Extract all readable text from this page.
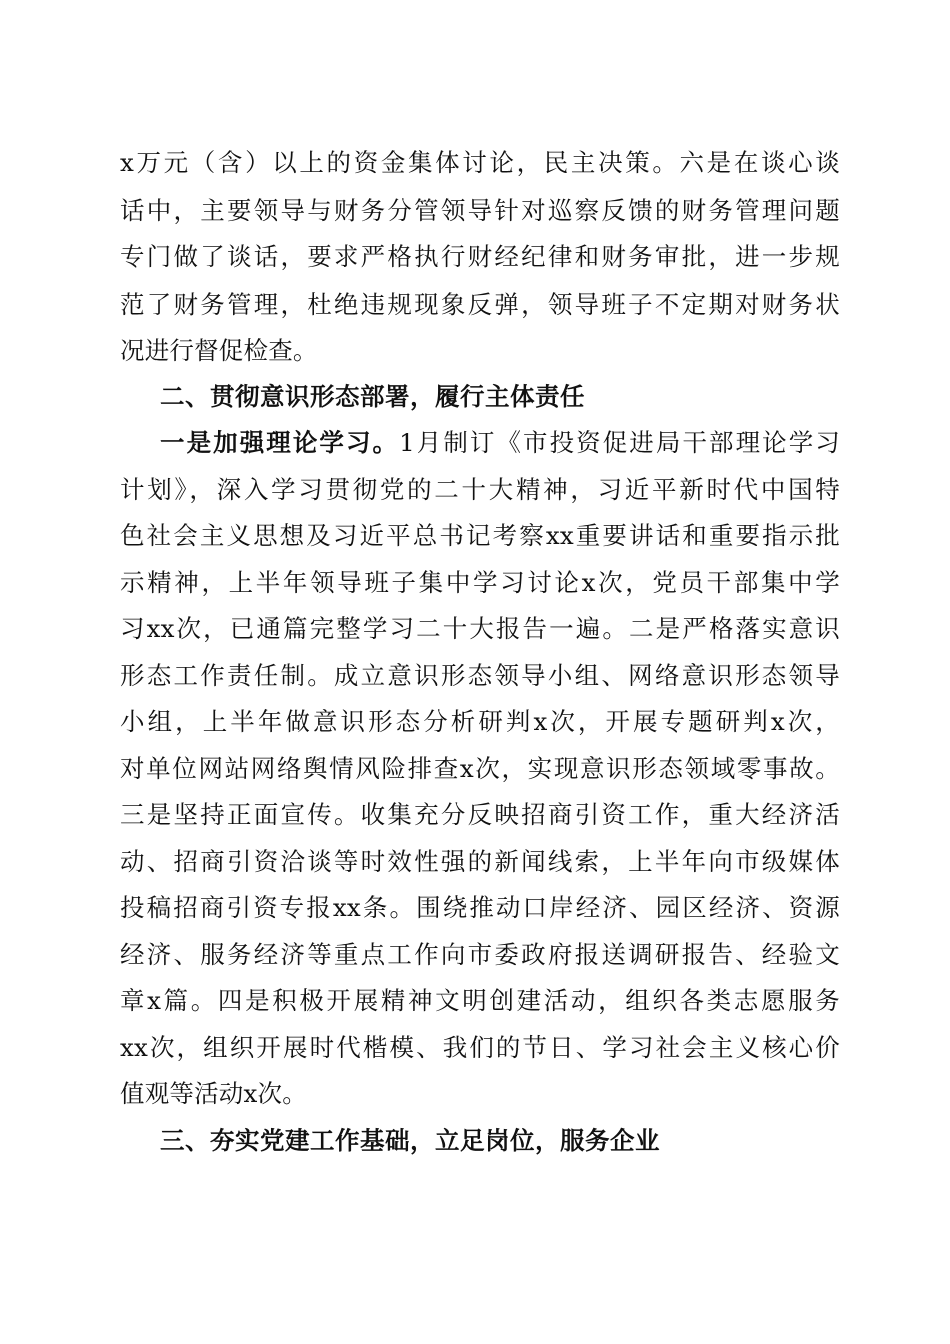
x万元（含）以上的资金集体讨论，民主决策。六是在谈心谈
话中，主要领导与财务分管领导针对巡察反馈的财务管理问题
专门做了谈话，要求严格执行财经纪律和财务审批，进一步规
范了财务管理，杜绝违规现象反弹，领导班子不定期对财务状
况进行督促检查。
二、贯彻意识形态部署，履行主体责任
一是加强理论学习。1月制订《市投资促进局干部理论学习
计划》，深入学习贯彻党的二十大精神，习近平新时代中国特
色社会主义思想及习近平总书记考察xx重要讲话和重要指示批
示精神，上半年领导班子集中学习讨论x次，党员干部集中学
习xx次，已通篇完整学习二十大报告一遍。二是严格落实意识
形态工作责任制。成立意识形态领导小组、网络意识形态领导
小组，上半年做意识形态分析研判x次，开展专题研判x次，
对单位网站网络舆情风险排查x次，实现意识形态领域零事故。
三是坚持正面宣传。收集充分反映招商引资工作，重大经济活
动、招商引资洽谈等时效性强的新闻线索，上半年向市级媒体
投稿招商引资专报xx条。围绕推动口岸经济、园区经济、资源
经济、服务经济等重点工作向市委政府报送调研报告、经验文
章x篇。四是积极开展精神文明创建活动，组织各类志愿服务
xx次，组织开展时代楷模、我们的节日、学习社会主义核心价
值观等活动x次。
三、夯实党建工作基础，立足岗位，服务企业
